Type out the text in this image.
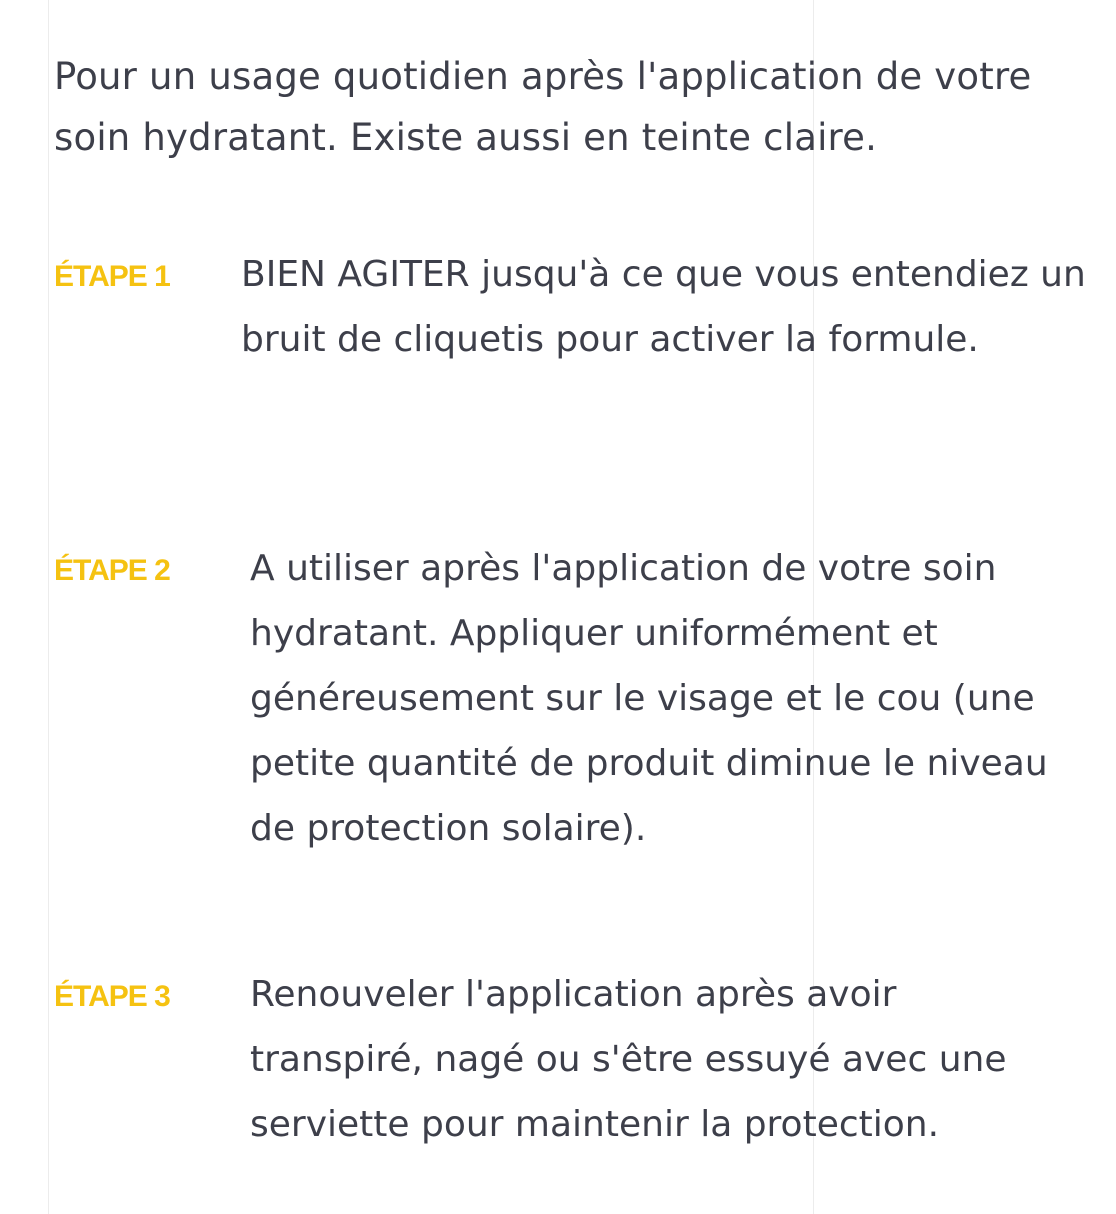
Pour un usage quotidien après l'application de votre soin hydratant. Existe aussi en teinte claire.

ÉTAPE 1 BIEN AGITER jusqu'à ce que vous entendiez un bruit de cliquetis pour activer la formule.

ÉTAPE 2 A utiliser après l'application de votre soin hydratant. Appliquer uniformément et généreusement sur le visage et le cou (une petite quantité de produit diminue le niveau de protection solaire).

ÉTAPE 3 Renouveler l'application après avoir transpiré, nagé ou s'être essuyé avec une serviette pour maintenir la protection.
